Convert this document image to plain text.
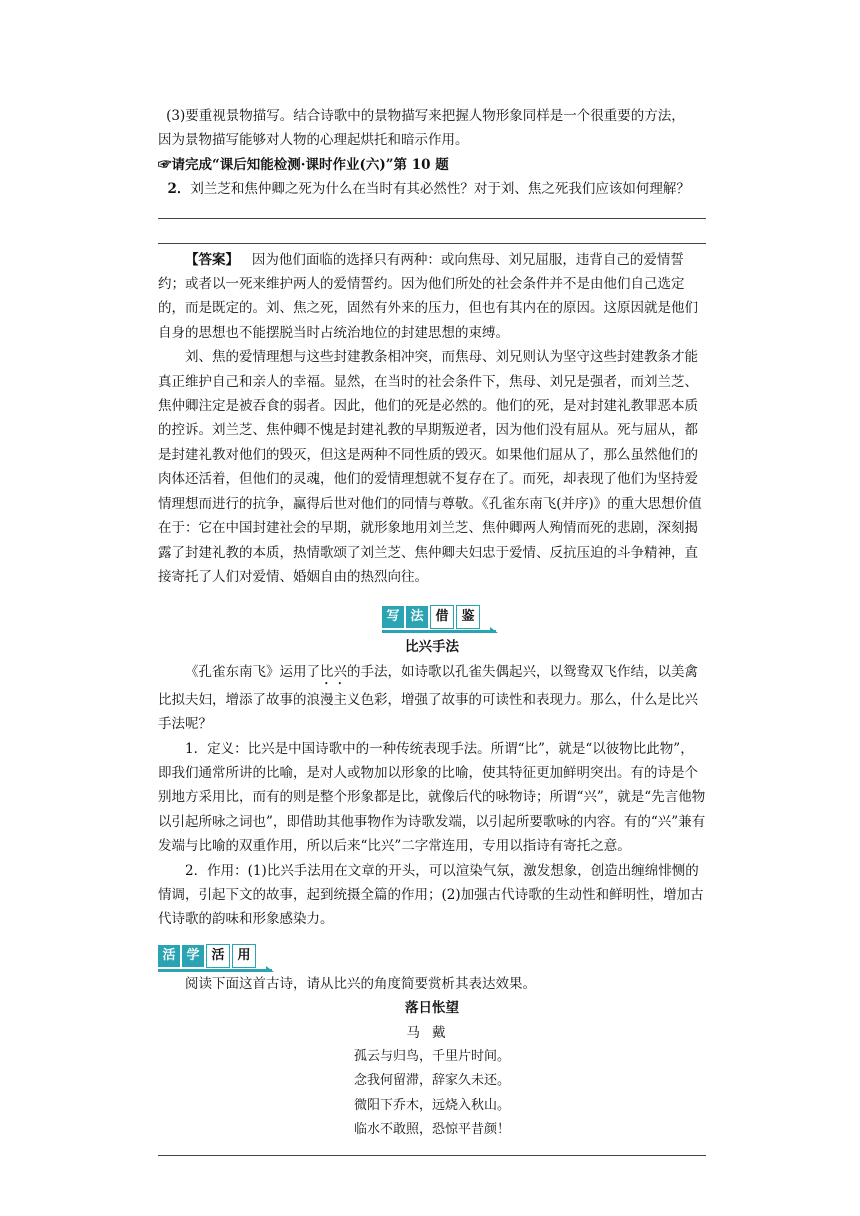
(3)要重视景物描写。结合诗歌中的景物描写来把握人物形象同样是一个很重要的方法，

因为景物描写能够对人物的心理起烘托和暗示作用。

☞请完成“课后知能检测·课时作业(六)”第 10 题

2．刘兰芝和焦仲卿之死为什么在当时有其必然性？对于刘、焦之死我们应该如何理解？

【答案】 因为他们面临的选择只有两种：或向焦母、刘兄屈服，违背自己的爱情誓约；或者以一死来维护两人的爱情誓约。因为他们所处的社会条件并不是由他们自己选定的，而是既定的。刘、焦之死，固然有外来的压力，但也有其内在的原因。这原因就是他们自身的思想也不能摆脱当时占统治地位的封建思想的束缚。

刘、焦的爱情理想与这些封建教条相冲突，而焦母、刘兄则认为坚守这些封建教条才能真正维护自己和亲人的幸福。显然，在当时的社会条件下，焦母、刘兄是强者，而刘兰芝、焦仲卿注定是被吞食的弱者。因此，他们的死是必然的。他们的死，是对封建礼教罪恶本质的控诉。刘兰芝、焦仲卿不愧是封建礼教的早期叛逆者，因为他们没有屈从。死与屈从，都是封建礼教对他们的毁灭，但这是两种不同性质的毁灭。如果他们屈从了，那么虽然他们的肉体还活着，但他们的灵魂，他们的爱情理想就不复存在了。而死，却表现了他们为坚持爱情理想而进行的抗争，赢得后世对他们的同情与尊敬。《孔雀东南飞(并序)》的重大思想价值在于：它在中国封建社会的早期，就形象地用刘兰芝、焦仲卿两人殉情而死的悲剧，深刻揭露了封建礼教的本质，热情歌颂了刘兰芝、焦仲卿夫妇忠于爱情、反抗压迫的斗争精神，直接寄托了人们对爱情、婚姻自由的热烈向往。

写 法 借 鉴

比兴手法

《孔雀东南飞》运用了比兴的手法，如诗歌以孔雀失偶起兴，以鸳鸯双飞作结，以美禽比拟夫妇，增添了故事的浪漫主义色彩，增强了故事的可读性和表现力。那么，什么是比兴手法呢？

1．定义：比兴是中国诗歌中的一种传统表现手法。所谓“比”，就是“以彼物比此物”，即我们通常所讲的比喻，是对人或物加以形象的比喻，使其特征更加鲜明突出。有的诗是个别地方采用比，而有的则是整个形象都是比，就像后代的咏物诗；所谓“兴”，就是“先言他物以引起所咏之词也”，即借助其他事物作为诗歌发端，以引起所要歌咏的内容。有的“兴”兼有发端与比喻的双重作用，所以后来“比兴”二字常连用，专用以指诗有寄托之意。

2．作用：(1)比兴手法用在文章的开头，可以渲染气氛，激发想象，创造出缠绵悱恻的情调，引起下文的故事，起到统摄全篇的作用；(2)加强古代诗歌的生动性和鲜明性，增加古代诗歌的韵味和形象感染力。

活 学 活 用

阅读下面这首古诗，请从比兴的角度简要赏析其表达效果。

落日怅望

马戴

孤云与归鸟，千里片时间。

念我何留滞，辞家久未还。

微阳下乔木，远烧入秋山。

临水不敢照，恐惊平昔颜！
